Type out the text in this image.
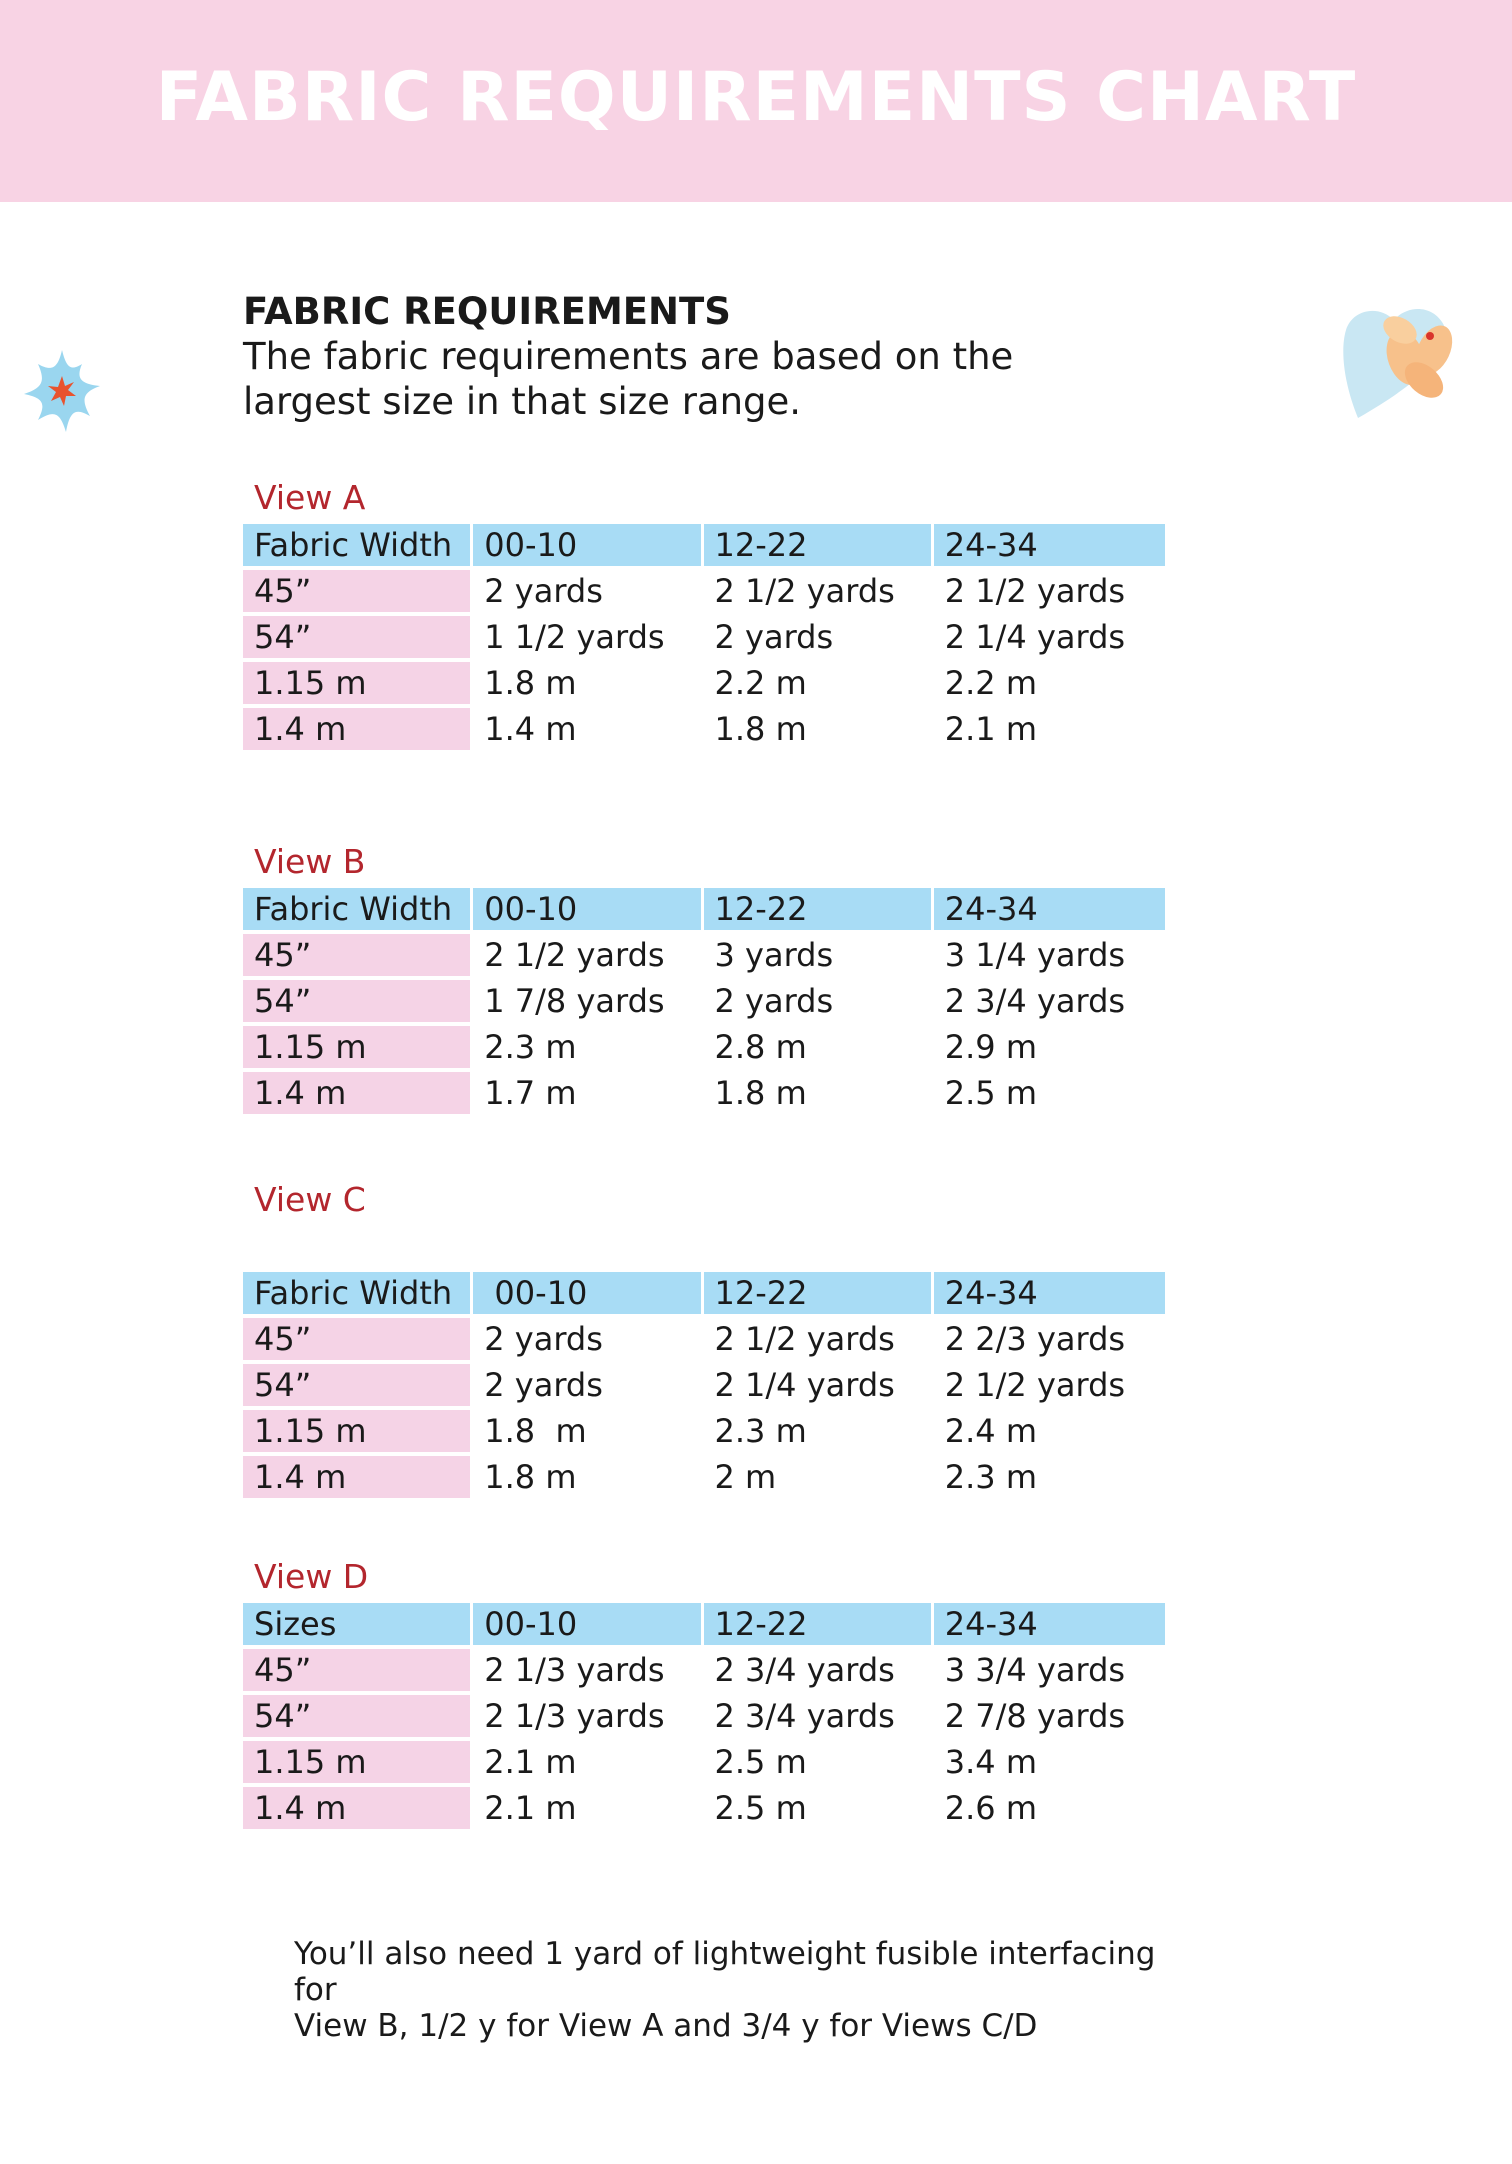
FABRIC REQUIREMENTS CHART
FABRIC REQUIREMENTS
The fabric requirements are based on the
largest size in that size range.
View A
Fabric Width	00-10	12-22	24-34
45”	2 yards	2 1/2 yards	2 1/2 yards
54”	1 1/2 yards	2 yards	2 1/4 yards
1.15 m	1.8 m	2.2 m	2.2 m
1.4 m	1.4 m	1.8 m	2.1 m
View B
Fabric Width	00-10	12-22	24-34
45”	2 1/2 yards	3 yards	3 1/4 yards
54”	1 7/8 yards	2 yards	2 3/4 yards
1.15 m	2.3 m	2.8 m	2.9 m
1.4 m	1.7 m	1.8 m	2.5 m
View C
Fabric Width	00-10	12-22	24-34
45”	2 yards	2 1/2 yards	2 2/3 yards
54”	2 yards	2 1/4 yards	2 1/2 yards
1.15 m	1.8  m	2.3 m	2.4 m
1.4 m	1.8 m	2 m	2.3 m
View D
Sizes	00-10	12-22	24-34
45”	2 1/3 yards	2 3/4 yards	3 3/4 yards
54”	2 1/3 yards	2 3/4 yards	2 7/8 yards
1.15 m	2.1 m	2.5 m	3.4 m
1.4 m	2.1 m	2.5 m	2.6 m
You’ll also need 1 yard of lightweight fusible interfacing for
View B, 1/2 y for View A and 3/4 y for Views C/D
